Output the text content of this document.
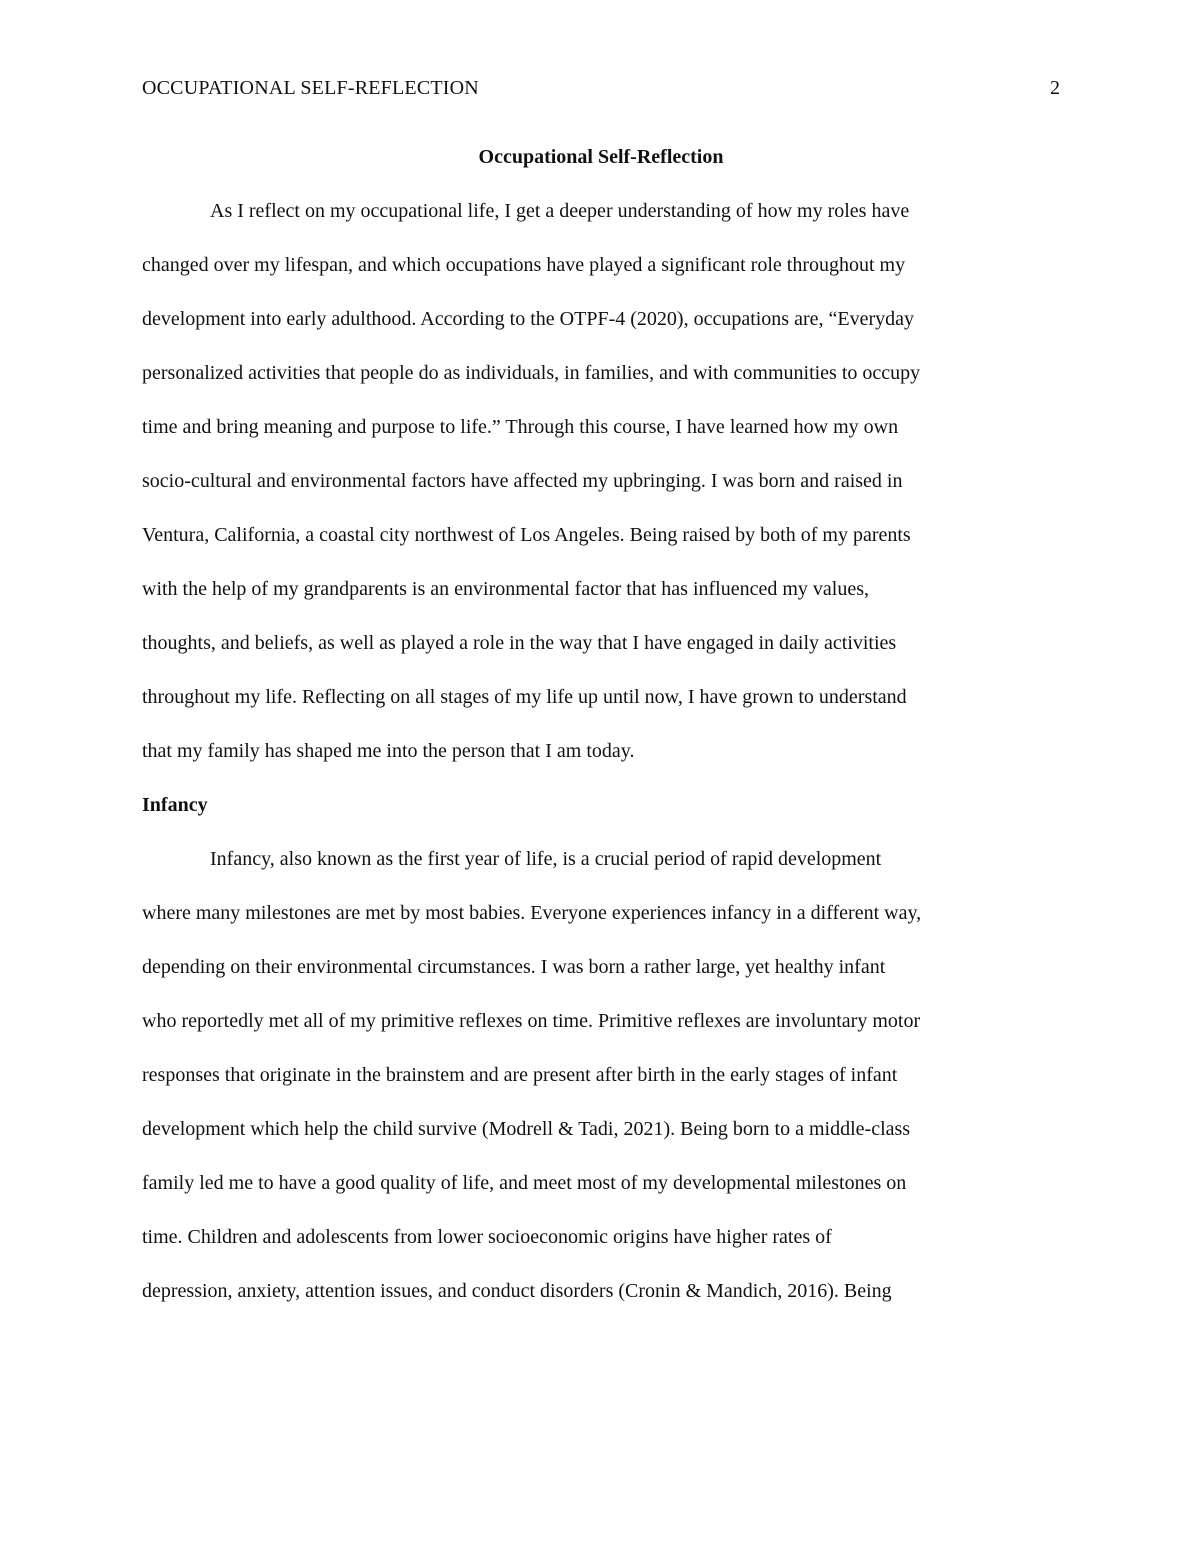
OCCUPATIONAL SELF-REFLECTION	2
Occupational Self-Reflection
As I reflect on my occupational life, I get a deeper understanding of how my roles have
changed over my lifespan, and which occupations have played a significant role throughout my
development into early adulthood. According to the OTPF-4 (2020), occupations are, “Everyday
personalized activities that people do as individuals, in families, and with communities to occupy
time and bring meaning and purpose to life.” Through this course, I have learned how my own
socio-cultural and environmental factors have affected my upbringing. I was born and raised in
Ventura, California, a coastal city northwest of Los Angeles. Being raised by both of my parents
with the help of my grandparents is an environmental factor that has influenced my values,
thoughts, and beliefs, as well as played a role in the way that I have engaged in daily activities
throughout my life. Reflecting on all stages of my life up until now, I have grown to understand
that my family has shaped me into the person that I am today.
Infancy
Infancy, also known as the first year of life, is a crucial period of rapid development
where many milestones are met by most babies. Everyone experiences infancy in a different way,
depending on their environmental circumstances. I was born a rather large, yet healthy infant
who reportedly met all of my primitive reflexes on time. Primitive reflexes are involuntary motor
responses that originate in the brainstem and are present after birth in the early stages of infant
development which help the child survive (Modrell & Tadi, 2021). Being born to a middle-class
family led me to have a good quality of life, and meet most of my developmental milestones on
time. Children and adolescents from lower socioeconomic origins have higher rates of
depression, anxiety, attention issues, and conduct disorders (Cronin & Mandich, 2016). Being
